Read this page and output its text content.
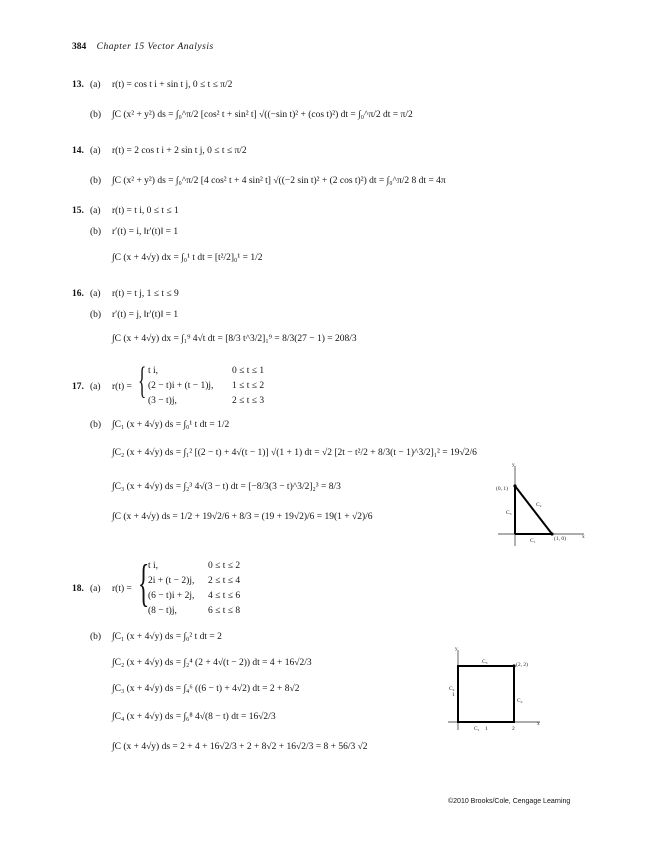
384 Chapter 15 Vector Analysis
13. (a) r(t) = cos t i + sin t j, 0 ≤ t ≤ π/2
(b) ∫C (x² + y²) ds = ∫₀^π/2 [cos² t + sin² t] √((−sin t)² + (cos t)²) dt = ∫₀^π/2 dt = π/2
14. (a) r(t) = 2 cos t i + 2 sin t j, 0 ≤ t ≤ π/2
(b) ∫C (x² + y²) ds = ∫₀^π/2 [4 cos² t + 4 sin² t] √((−2 sin t)² + (2 cos t)²) dt = ∫₀^π/2 8 dt = 4π
15. (a) r(t) = t i, 0 ≤ t ≤ 1
(b) r′(t) = i, ‖r′(t)‖ = 1
∫C (x + 4√y) dx = ∫₀¹ t dt = [t²/2]₀¹ = 1/2
16. (a) r(t) = t j, 1 ≤ t ≤ 9
(b) r′(t) = j, ‖r′(t)‖ = 1
∫C (x + 4√y) dx = ∫₁⁹ 4√t dt = [8/3 t^3/2]₁⁹ = 8/3(27 − 1) = 208/3
17. (a) r(t) = { t i,	0 ≤ t ≤ 1
(2 − t)i + (t − 1)j, 1 ≤ t ≤ 2
(3 − t)j,	2 ≤ t ≤ 3
(b) ∫C₁ (x + 4√y) ds = ∫₀¹ t dt = 1/2
∫C₂ (x + 4√y) ds = ∫₁² [(2 − t) + 4√(t − 1)] √(1 + 1) dt = √2 [2t − t²/2 + 8/3(t − 1)^3/2]₁² = 19√2/6
∫C₃ (x + 4√y) ds = ∫₂³ 4√(3 − t) dt = [−8/3(3 − t)^3/2]₂³ = 8/3
∫C (x + 4√y) ds = 1/2 + 19√2/6 + 8/3 = (19 + 19√2)/6 = 19(1 + √2)/6
y
(0, 1)
C₂
C₃
C₁	(1, 0)	x
18. (a) r(t) = {
t i,	0 ≤ t ≤ 2
2i + (t − 2)j, 2 ≤ t ≤ 4
(6 − t)i + 2j, 4 ≤ t ≤ 6
(8 − t)j,	6 ≤ t ≤ 8
(b) ∫C₁ (x + 4√y) ds = ∫₀² t dt = 2
∫C₂ (x + 4√y) ds = ∫₂⁴ (2 + 4√(t − 2)) dt = 4 + 16√2/3
∫C₃ (x + 4√y) ds = ∫₄⁶ ((6 − t) + 4√2) dt = 2 + 8√2
∫C₄ (x + 4√y) ds = ∫₆⁸ 4√(8 − t) dt = 16√2/3
∫C (x + 4√y) ds = 2 + 4 + 16√2/3 + 2 + 8√2 + 16√2/3 = 8 + 56/3 √2
y
C₃	(2, 2)
C₄
C₂
C₁
1
1	2
x
©2010 Brooks/Cole, Cengage Learning
